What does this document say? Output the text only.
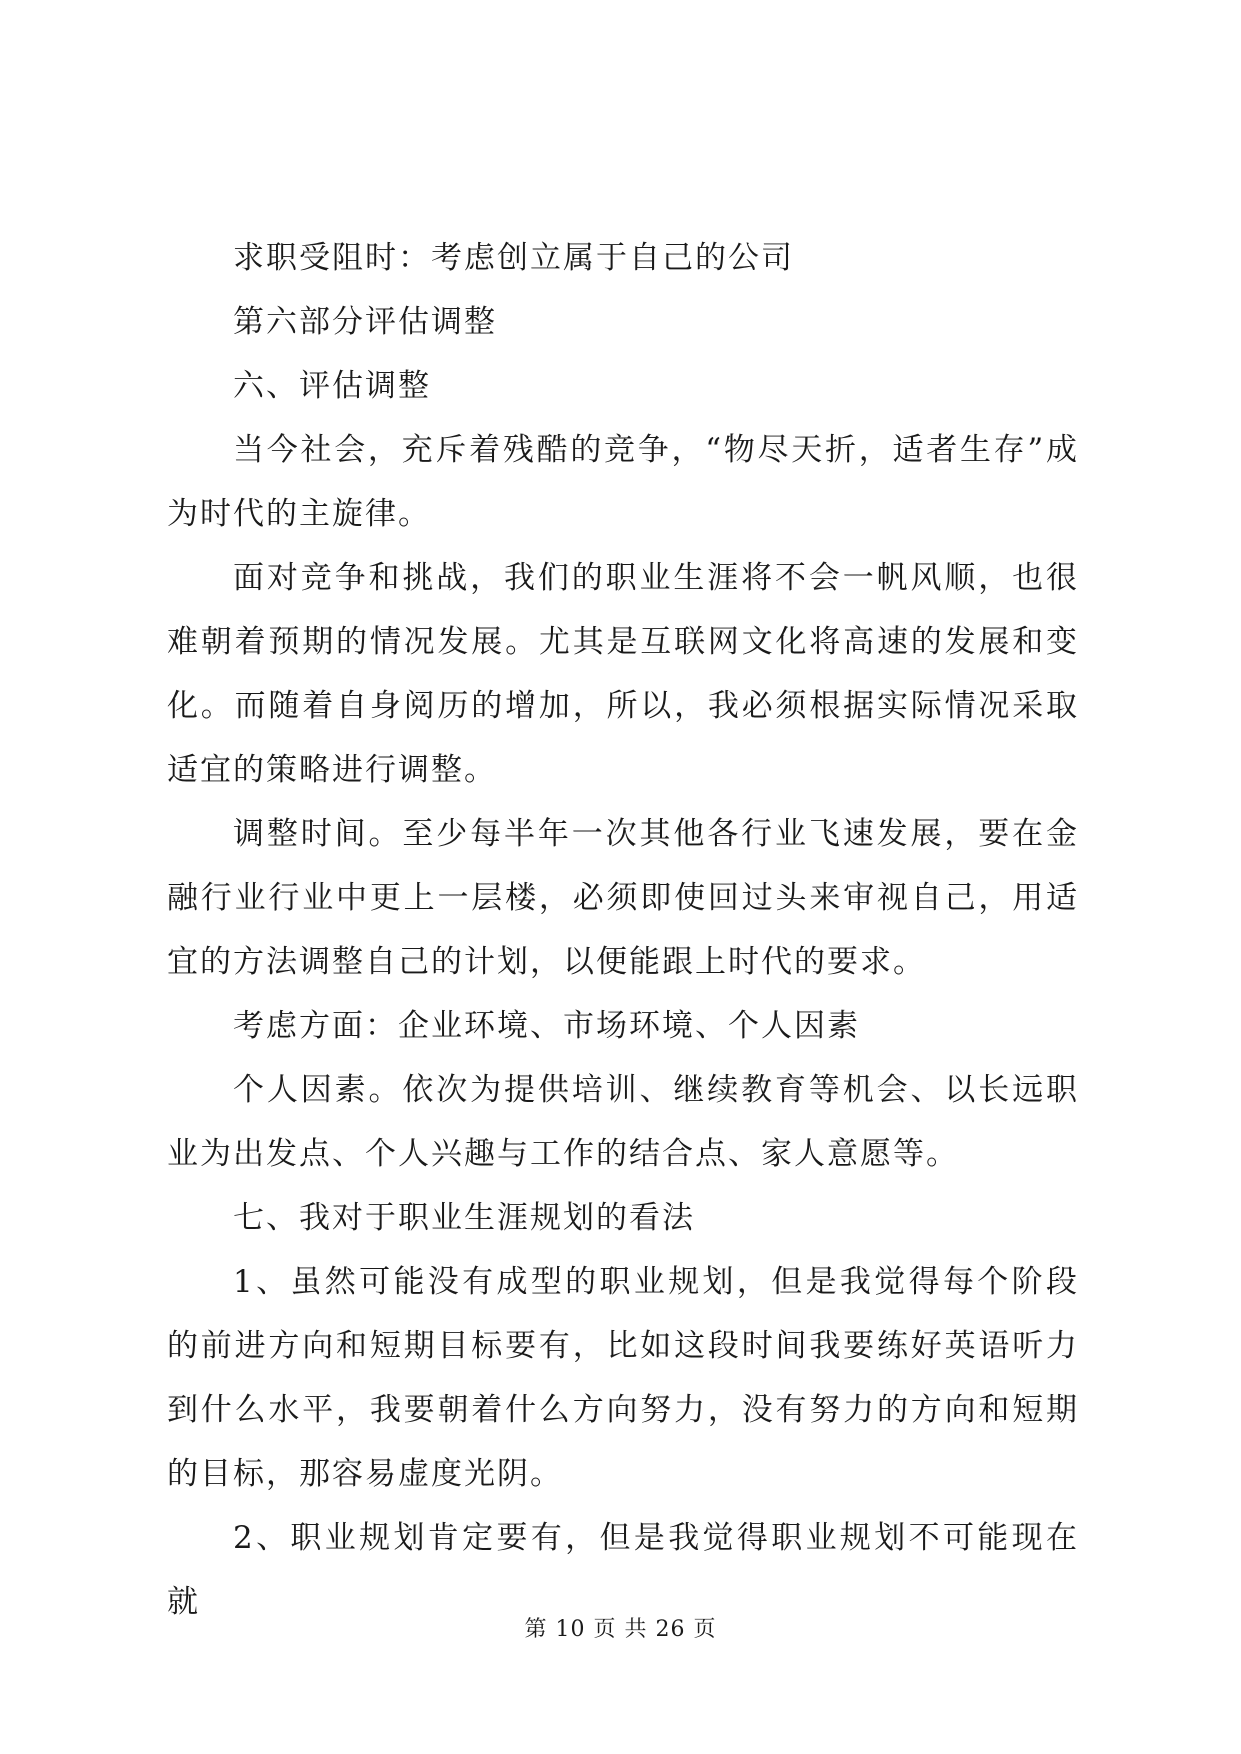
求职受阻时：考虑创立属于自己的公司

第六部分评估调整

六、评估调整

当今社会，充斥着残酷的竞争，“物尽天折，适者生存”成为时代的主旋律。

面对竞争和挑战，我们的职业生涯将不会一帆风顺，也很难朝着预期的情况发展。尤其是互联网文化将高速的发展和变化。而随着自身阅历的增加，所以，我必须根据实际情况采取适宜的策略进行调整。

调整时间。至少每半年一次其他各行业飞速发展，要在金融行业行业中更上一层楼，必须即使回过头来审视自己，用适宜的方法调整自己的计划，以便能跟上时代的要求。

考虑方面：企业环境、市场环境、个人因素

个人因素。依次为提供培训、继续教育等机会、以长远职业为出发点、个人兴趣与工作的结合点、家人意愿等。

七、我对于职业生涯规划的看法

1、虽然可能没有成型的职业规划，但是我觉得每个阶段的前进方向和短期目标要有，比如这段时间我要练好英语听力到什么水平，我要朝着什么方向努力，没有努力的方向和短期的目标，那容易虚度光阴。

2、职业规划肯定要有，但是我觉得职业规划不可能现在就

第 10 页 共 26 页
